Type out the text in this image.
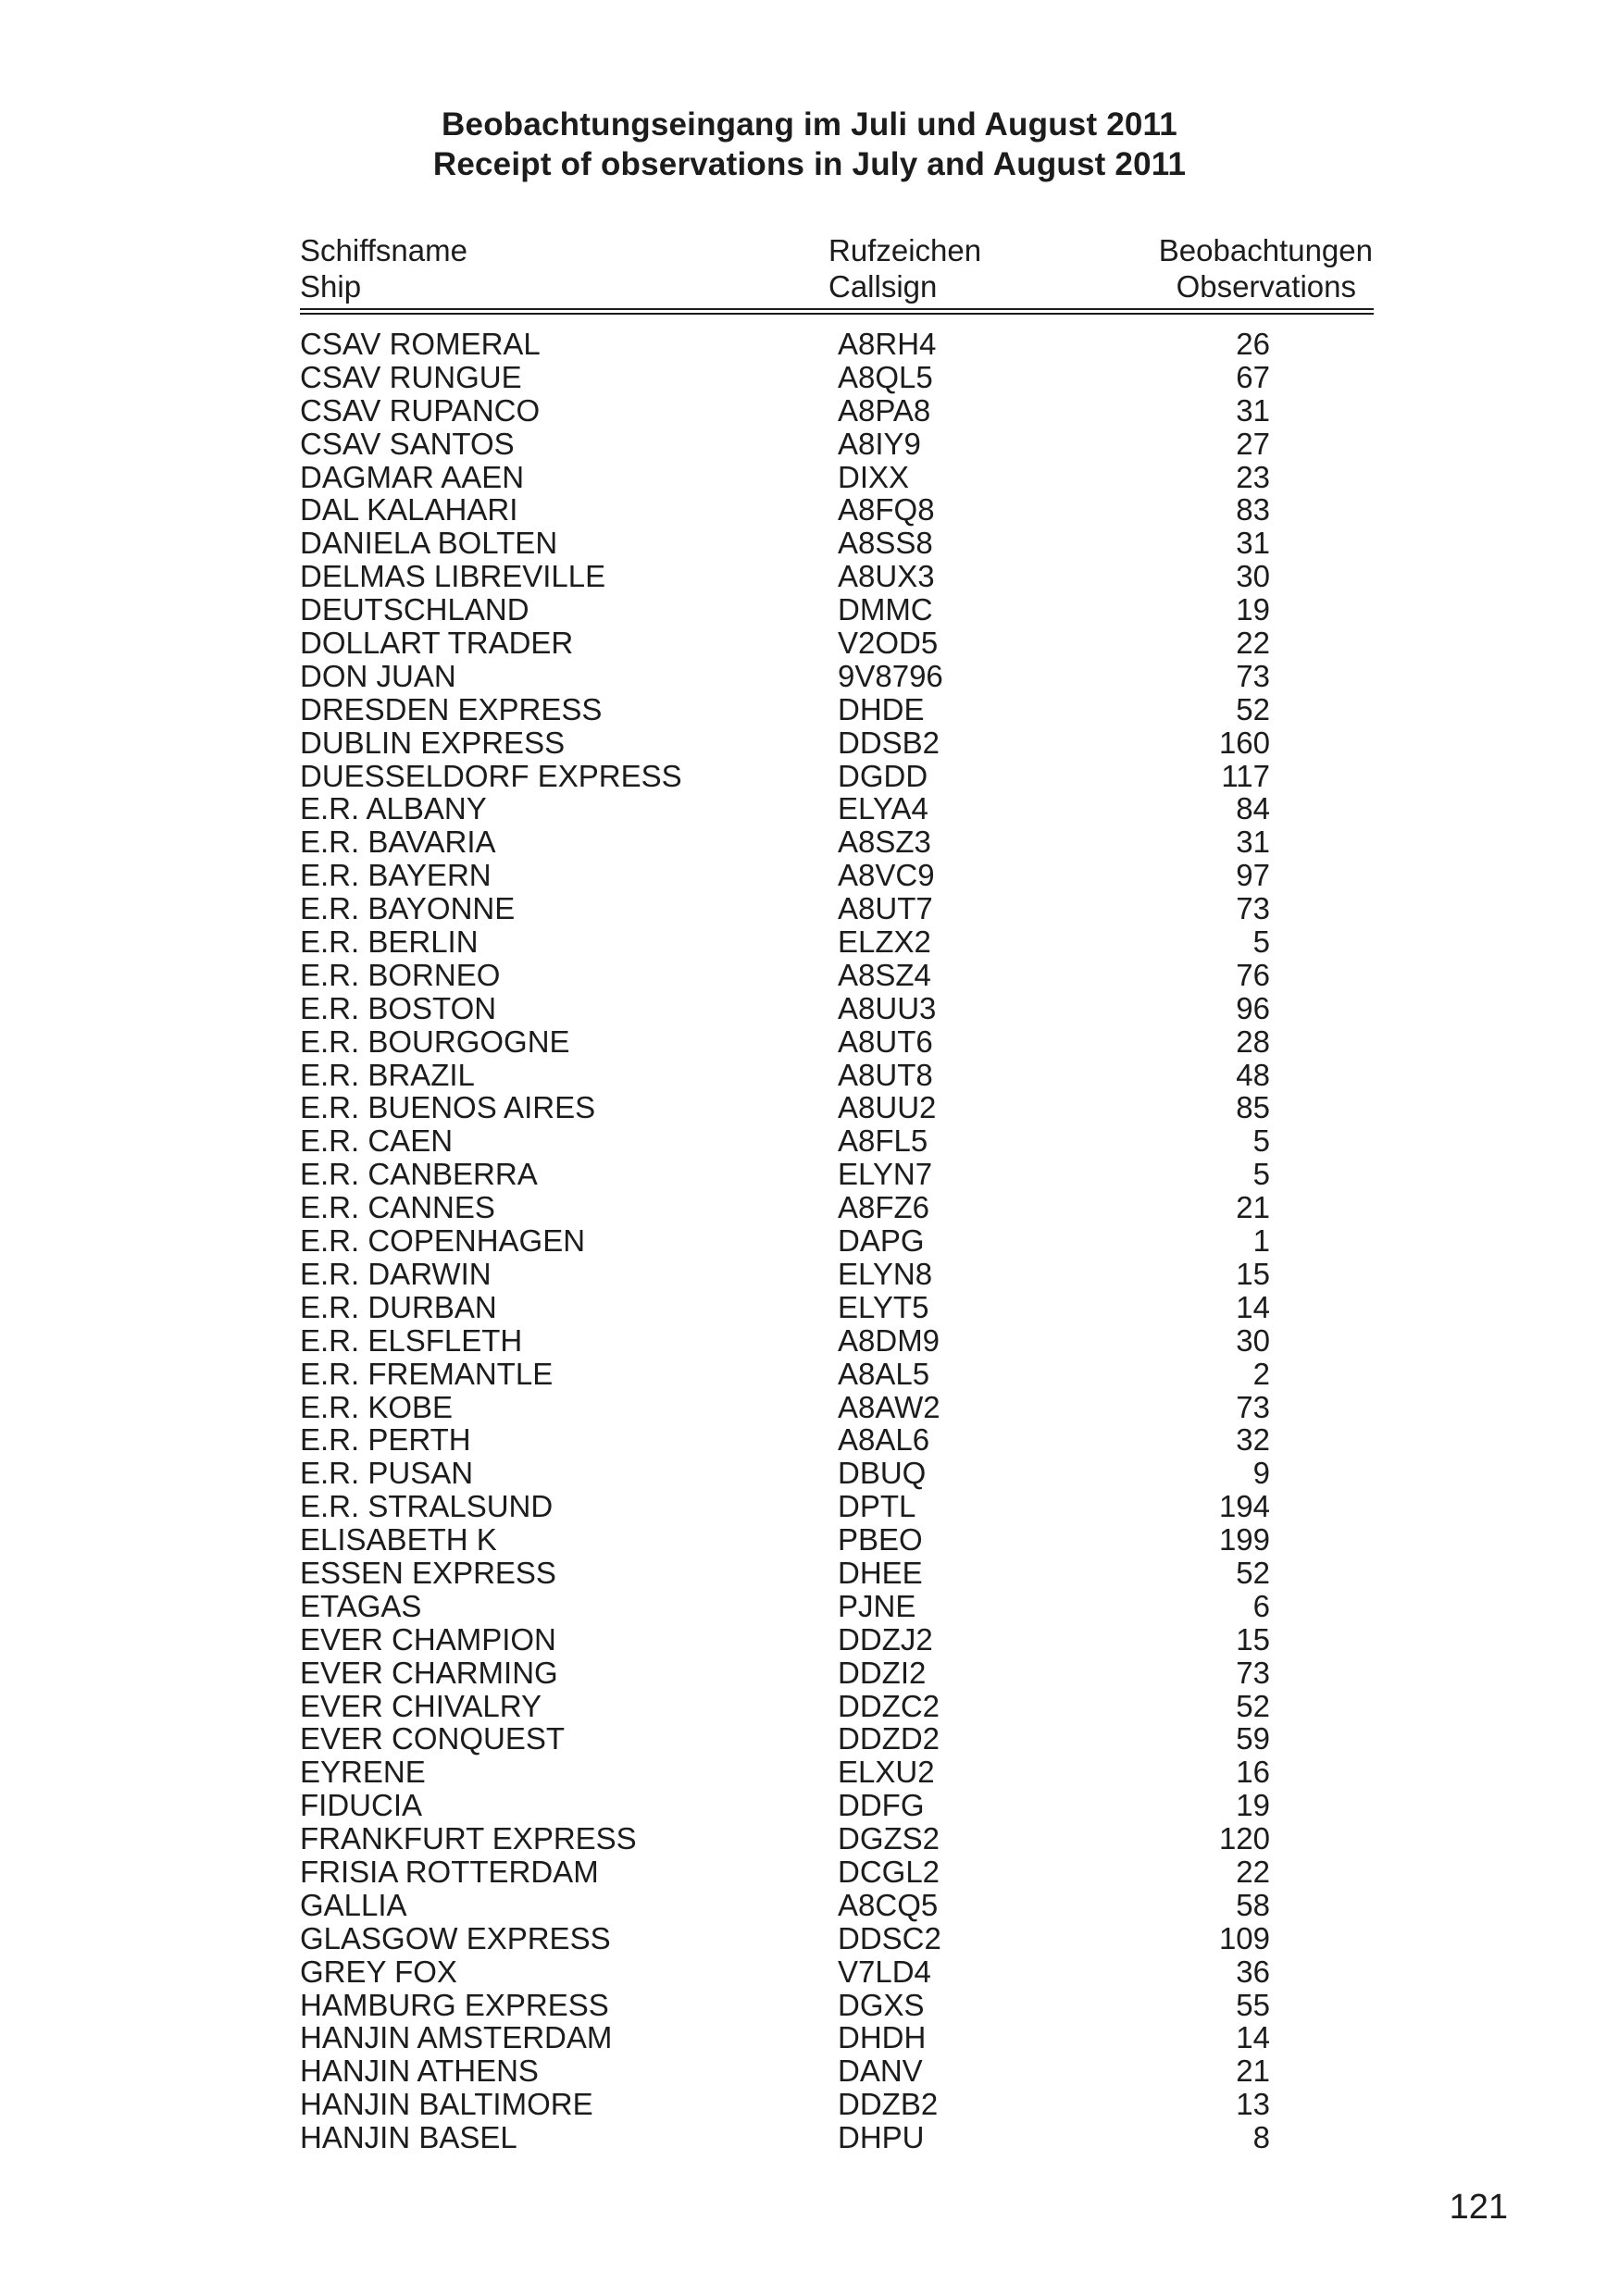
Beobachtungseingang im Juli und August 2011
Receipt of observations in July and August 2011
Schiffsname
Ship
Rufzeichen
Callsign
Beobachtungen
Observations
CSAV ROMERAL	A8RH4	26
CSAV RUNGUE	A8QL5	67
CSAV RUPANCO	A8PA8	31
CSAV SANTOS	A8IY9	27
DAGMAR AAEN	DIXX	23
DAL KALAHARI	A8FQ8	83
DANIELA BOLTEN	A8SS8	31
DELMAS LIBREVILLE	A8UX3	30
DEUTSCHLAND	DMMC	19
DOLLART TRADER	V2OD5	22
DON JUAN	9V8796	73
DRESDEN EXPRESS	DHDE	52
DUBLIN EXPRESS	DDSB2	160
DUESSELDORF EXPRESS	DGDD	117
E.R. ALBANY	ELYA4	84
E.R. BAVARIA	A8SZ3	31
E.R. BAYERN	A8VC9	97
E.R. BAYONNE	A8UT7	73
E.R. BERLIN	ELZX2	5
E.R. BORNEO	A8SZ4	76
E.R. BOSTON	A8UU3	96
E.R. BOURGOGNE	A8UT6	28
E.R. BRAZIL	A8UT8	48
E.R. BUENOS AIRES	A8UU2	85
E.R. CAEN	A8FL5	5
E.R. CANBERRA	ELYN7	5
E.R. CANNES	A8FZ6	21
E.R. COPENHAGEN	DAPG	1
E.R. DARWIN	ELYN8	15
E.R. DURBAN	ELYT5	14
E.R. ELSFLETH	A8DM9	30
E.R. FREMANTLE	A8AL5	2
E.R. KOBE	A8AW2	73
E.R. PERTH	A8AL6	32
E.R. PUSAN	DBUQ	9
E.R. STRALSUND	DPTL	194
ELISABETH K	PBEO	199
ESSEN EXPRESS	DHEE	52
ETAGAS	PJNE	6
EVER CHAMPION	DDZJ2	15
EVER CHARMING	DDZI2	73
EVER CHIVALRY	DDZC2	52
EVER CONQUEST	DDZD2	59
EYRENE	ELXU2	16
FIDUCIA	DDFG	19
FRANKFURT EXPRESS	DGZS2	120
FRISIA ROTTERDAM	DCGL2	22
GALLIA	A8CQ5	58
GLASGOW EXPRESS	DDSC2	109
GREY FOX	V7LD4	36
HAMBURG EXPRESS	DGXS	55
HANJIN AMSTERDAM	DHDH	14
HANJIN ATHENS	DANV	21
HANJIN BALTIMORE	DDZB2	13
HANJIN BASEL	DHPU	8
121
